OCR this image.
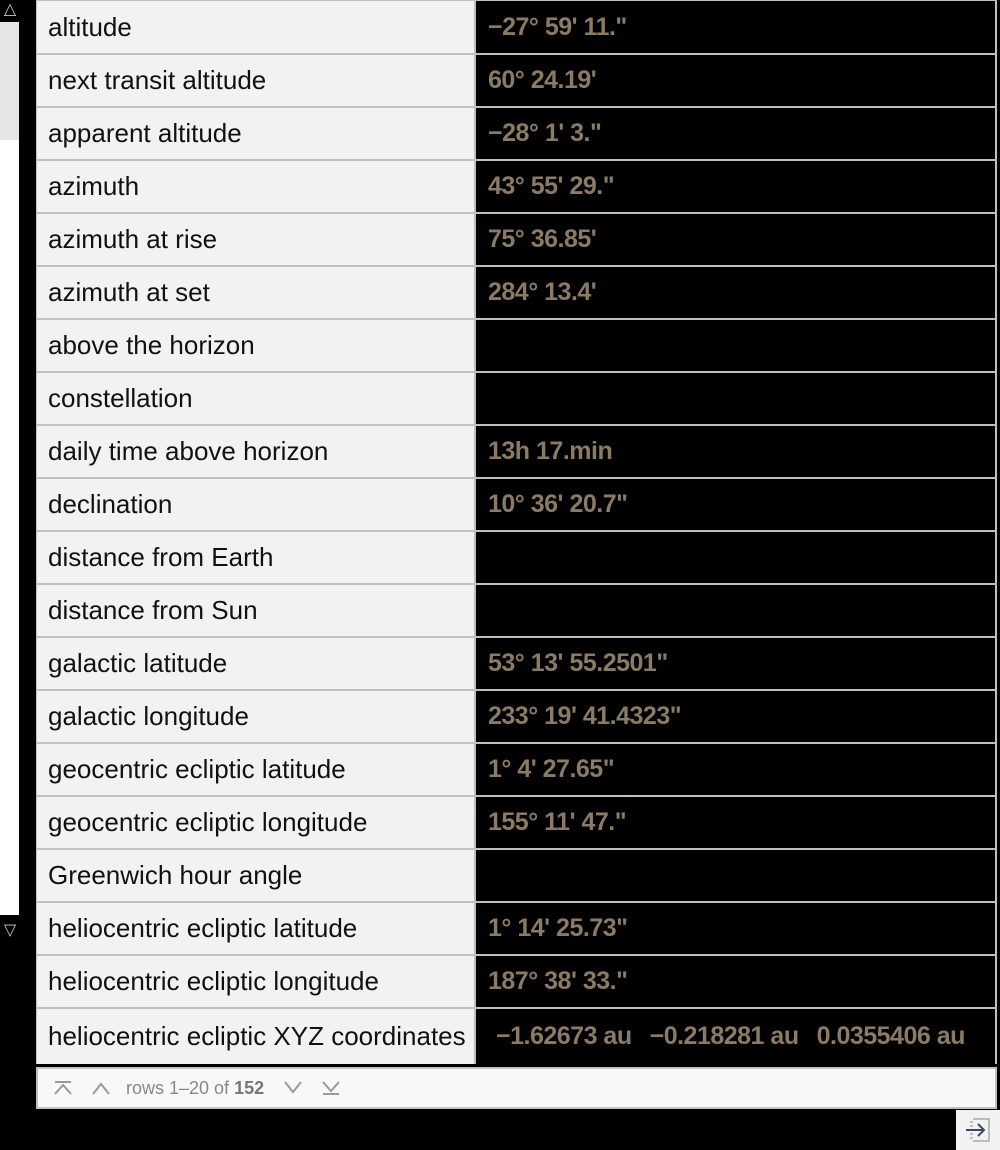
△
▽
altitude	−27° 59' 11."
next transit altitude	60° 24.19'
apparent altitude	−28° 1' 3."
azimuth	43° 55' 29."
azimuth at rise	75° 36.85'
azimuth at set	284° 13.4'
above the horizon
constellation
daily time above horizon	13h 17.min
declination	10° 36' 20.7"
distance from Earth
distance from Sun
galactic latitude	53° 13' 55.2501"
galactic longitude	233° 19' 41.4323"
geocentric ecliptic latitude	1° 4' 27.65"
geocentric ecliptic longitude	155° 11' 47."
Greenwich hour angle
heliocentric ecliptic latitude	1° 14' 25.73"
heliocentric ecliptic longitude	187° 38' 33."
heliocentric ecliptic XYZ coordinates	−1.62673 au −0.218281 au 0.0355406 au
rows 1–20 of 152
